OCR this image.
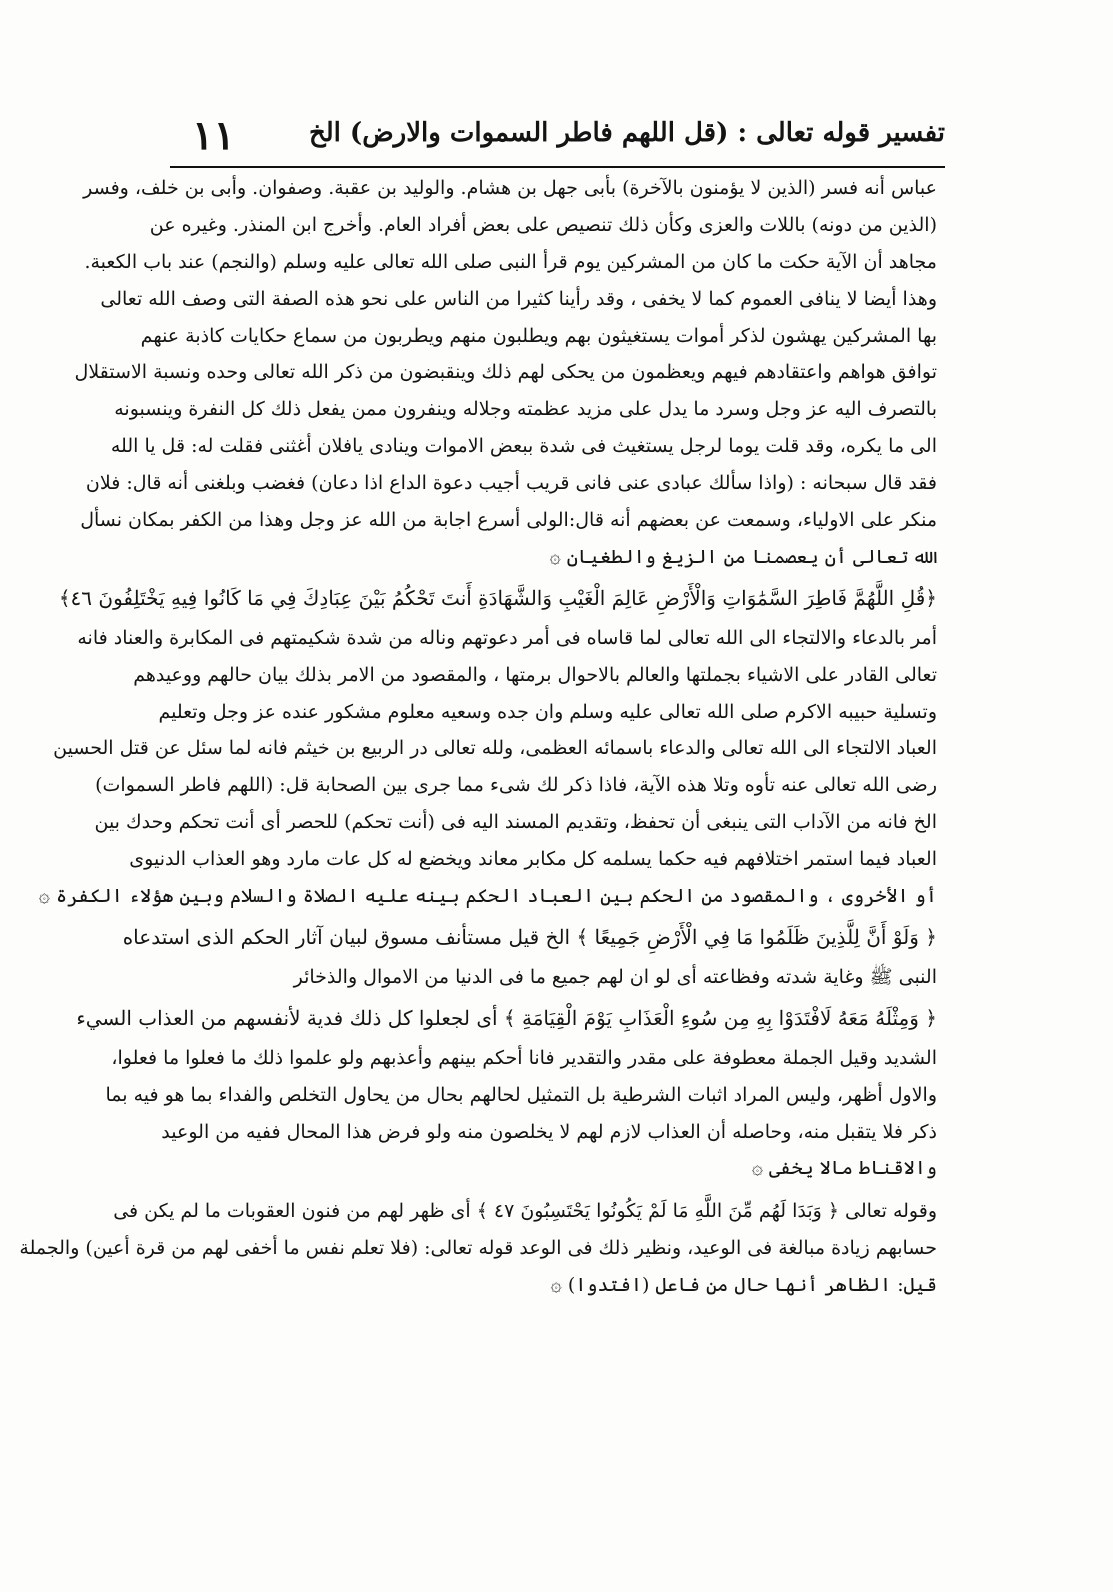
تفسير قوله تعالى : (قل اللهم فاطر السموات والارض) الخ
١١
عباس أنه فسر (الذين لا يؤمنون بالآخرة) بأبى جهل بن هشام. والوليد بن عقبة. وصفوان. وأبى بن خلف، وفسر
(الذين من دونه) باللات والعزى وكأن ذلك تنصيص على بعض أفراد العام. وأخرج ابن المنذر. وغيره عن
مجاهد أن الآية حكت ما كان من المشركين يوم قرأ النبى صلى الله تعالى عليه وسلم (والنجم) عند باب الكعبة.
وهذا أيضا لا ينافى العموم كما لا يخفى ، وقد رأينا كثيرا من الناس على نحو هذه الصفة التى وصف الله تعالى
بها المشركين يهشون لذكر أموات يستغيثون بهم ويطلبون منهم ويطربون من سماع حكايات كاذبة عنهم
توافق هواهم واعتقادهم فيهم ويعظمون من يحكى لهم ذلك وينقبضون من ذكر الله تعالى وحده ونسبة الاستقلال
بالتصرف اليه عز وجل وسرد ما يدل على مزيد عظمته وجلاله وينفرون ممن يفعل ذلك كل النفرة وينسبونه
الى ما يكره، وقد قلت يوما لرجل يستغيث فى شدة ببعض الاموات وينادى يافلان أغثنى فقلت له: قل يا الله
فقد قال سبحانه : (واذا سألك عبادى عنى فانى قريب أجيب دعوة الداع اذا دعان) فغضب وبلغنى أنه قال: فلان
منكر على الاولياء، وسمعت عن بعضهم أنه قال:الولى أسرع اجابة من الله عز وجل وهذا من الكفر بمكان نسأل
الله تعالى أن يعصمنا من الزيغ والطغيان ۞
﴿قُلِ اللَّهُمَّ فَاطِرَ السَّمَٰوَاتِ وَالْأَرْضِ عَالِمَ الْغَيْبِ وَالشَّهَادَةِ أَنتَ تَحْكُمُ بَيْنَ عِبَادِكَ فِي مَا كَانُوا فِيهِ يَخْتَلِفُونَ ٤٦﴾
أمر بالدعاء والالتجاء الى الله تعالى لما قاساه فى أمر دعوتهم وناله من شدة شكيمتهم فى المكابرة والعناد فانه
تعالى القادر على الاشياء بجملتها والعالم بالاحوال برمتها ، والمقصود من الامر بذلك بيان حالهم ووعيدهم
وتسلية حبيبه الاكرم صلى الله تعالى عليه وسلم وان جده وسعيه معلوم مشكور عنده عز وجل وتعليم
العباد الالتجاء الى الله تعالى والدعاء باسمائه العظمى، ولله تعالى در الربيع بن خيثم فانه لما سئل عن قتل الحسين
رضى الله تعالى عنه تأوه وتلا هذه الآية، فاذا ذكر لك شىء مما جرى بين الصحابة قل: (اللهم فاطر السموات)
الخ فانه من الآداب التى ينبغى أن تحفظ، وتقديم المسند اليه فى (أنت تحكم) للحصر أى أنت تحكم وحدك بين
العباد فيما استمر اختلافهم فيه حكما يسلمه كل مكابر معاند ويخضع له كل عات مارد وهو العذاب الدنيوى
أو الأخروى ، والمقصود من الحكم بين العباد الحكم بينه عليه الصلاة والسلام وبين هؤلاء الكفرة ۞
﴿ وَلَوْ أَنَّ لِلَّذِينَ ظَلَمُوا مَا فِي الْأَرْضِ جَمِيعًا ﴾ الخ قيل مستأنف مسوق لبيان آثار الحكم الذى استدعاه
النبى ﷺ وغاية شدته وفظاعته أى لو ان لهم جميع ما فى الدنيا من الاموال والذخائر
﴿ وَمِثْلَهُ مَعَهُ لَافْتَدَوْا بِهِ مِن سُوءِ الْعَذَابِ يَوْمَ الْقِيَامَةِ ﴾ أى لجعلوا كل ذلك فدية لأنفسهم من العذاب السيء
الشديد وقيل الجملة معطوفة على مقدر والتقدير فانا أحكم بينهم وأعذبهم ولو علموا ذلك ما فعلوا ما فعلوا،
والاول أظهر، وليس المراد اثبات الشرطية بل التمثيل لحالهم بحال من يحاول التخلص والفداء بما هو فيه بما
ذكر فلا يتقبل منه، وحاصله أن العذاب لازم لهم لا يخلصون منه ولو فرض هذا المحال ففيه من الوعيد
والاقناط مالا يخفى ۞
وقوله تعالى ﴿ وَبَدَا لَهُم مِّنَ اللَّهِ مَا لَمْ يَكُونُوا يَحْتَسِبُونَ ٤٧ ﴾ أى ظهر لهم من فنون العقوبات ما لم يكن فى
حسابهم زيادة مبالغة فى الوعيد، ونظير ذلك فى الوعد قوله تعالى: (فلا تعلم نفس ما أخفى لهم من قرة أعين) والجملة
قيل: الظاهر أنها حال من فاعل (افتدوا) ۞
